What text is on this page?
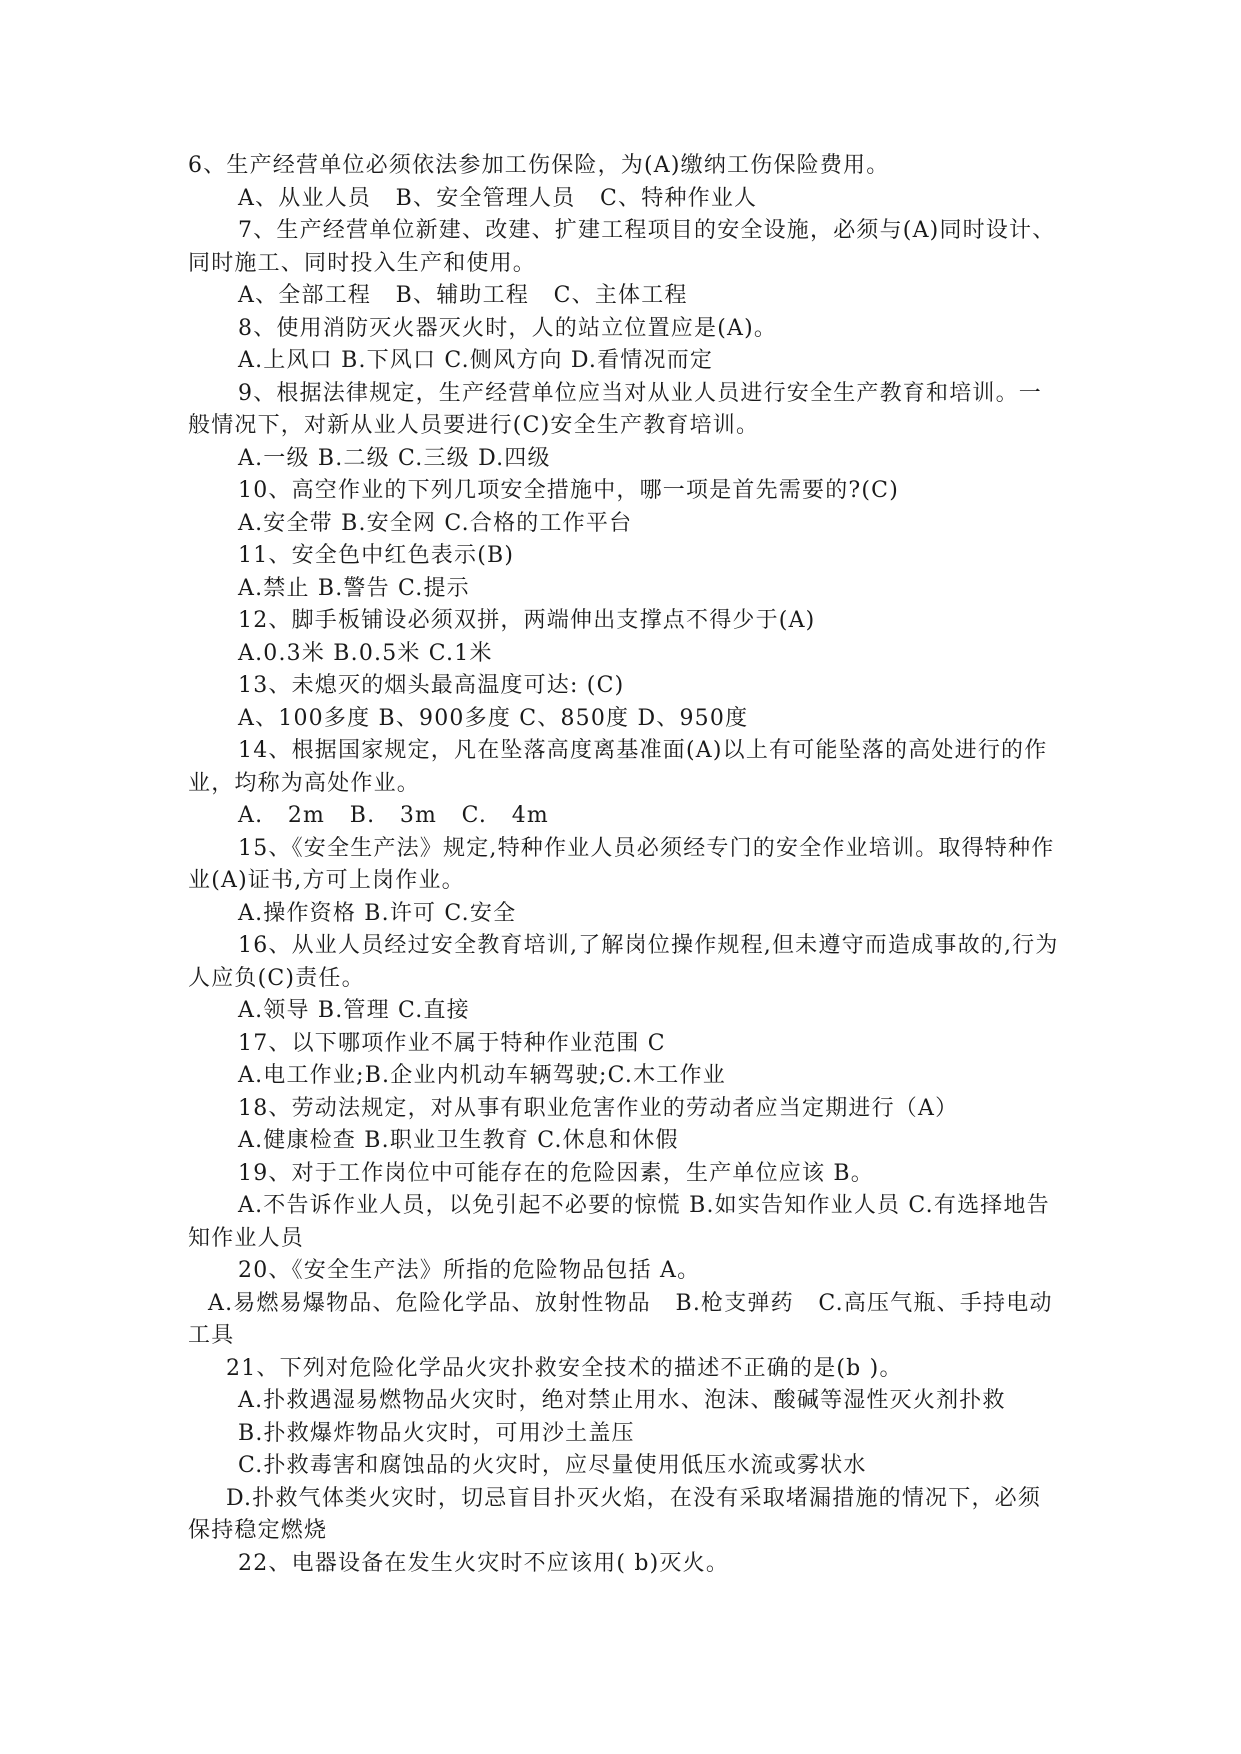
6、生产经营单位必须依法参加工伤保险，为(A)缴纳工伤保险费用。

A、从业人员   B、安全管理人员   C、特种作业人

7、生产经营单位新建、改建、扩建工程项目的安全设施，必须与(A)同时设计、同时施工、同时投入生产和使用。

A、全部工程   B、辅助工程   C、主体工程

8、使用消防灭火器灭火时，人的站立位置应是(A)。

A.上风口 B.下风口 C.侧风方向 D.看情况而定

9、根据法律规定，生产经营单位应当对从业人员进行安全生产教育和培训。一般情况下，对新从业人员要进行(C)安全生产教育培训。

A.一级 B.二级 C.三级 D.四级

10、高空作业的下列几项安全措施中，哪一项是首先需要的?(C)

A.安全带 B.安全网 C.合格的工作平台

11、安全色中红色表示(B)

A.禁止 B.警告 C.提示

12、脚手板铺设必须双拼，两端伸出支撑点不得少于(A)

A.0.3米 B.0.5米 C.1米

13、未熄灭的烟头最高温度可达: (C)

A、100多度 B、900多度 C、850度 D、950度

14、根据国家规定，凡在坠落高度离基准面(A)以上有可能坠落的高处进行的作业，均称为高处作业。

A.   2m   B.   3m   C.   4m

15、《安全生产法》规定,特种作业人员必须经专门的安全作业培训。取得特种作业(A)证书,方可上岗作业。

A.操作资格 B.许可 C.安全

16、从业人员经过安全教育培训,了解岗位操作规程,但未遵守而造成事故的,行为人应负(C)责任。

A.领导 B.管理 C.直接

17、以下哪项作业不属于特种作业范围 C

A.电工作业;B.企业内机动车辆驾驶;C.木工作业

18、劳动法规定，对从事有职业危害作业的劳动者应当定期进行（A）

A.健康检查 B.职业卫生教育 C.休息和休假

19、对于工作岗位中可能存在的危险因素，生产单位应该 B。

A.不告诉作业人员，以免引起不必要的惊慌 B.如实告知作业人员 C.有选择地告知作业人员

20、《安全生产法》所指的危险物品包括 A。

A.易燃易爆物品、危险化学品、放射性物品   B.枪支弹药   C.高压气瓶、手持电动工具

21、下列对危险化学品火灾扑救安全技术的描述不正确的是(b )。

A.扑救遇湿易燃物品火灾时，绝对禁止用水、泡沫、酸碱等湿性灭火剂扑救

B.扑救爆炸物品火灾时，可用沙土盖压

C.扑救毒害和腐蚀品的火灾时，应尽量使用低压水流或雾状水

D.扑救气体类火灾时，切忌盲目扑灭火焰，在没有采取堵漏措施的情况下，必须保持稳定燃烧

22、电器设备在发生火灾时不应该用( b)灭火。
